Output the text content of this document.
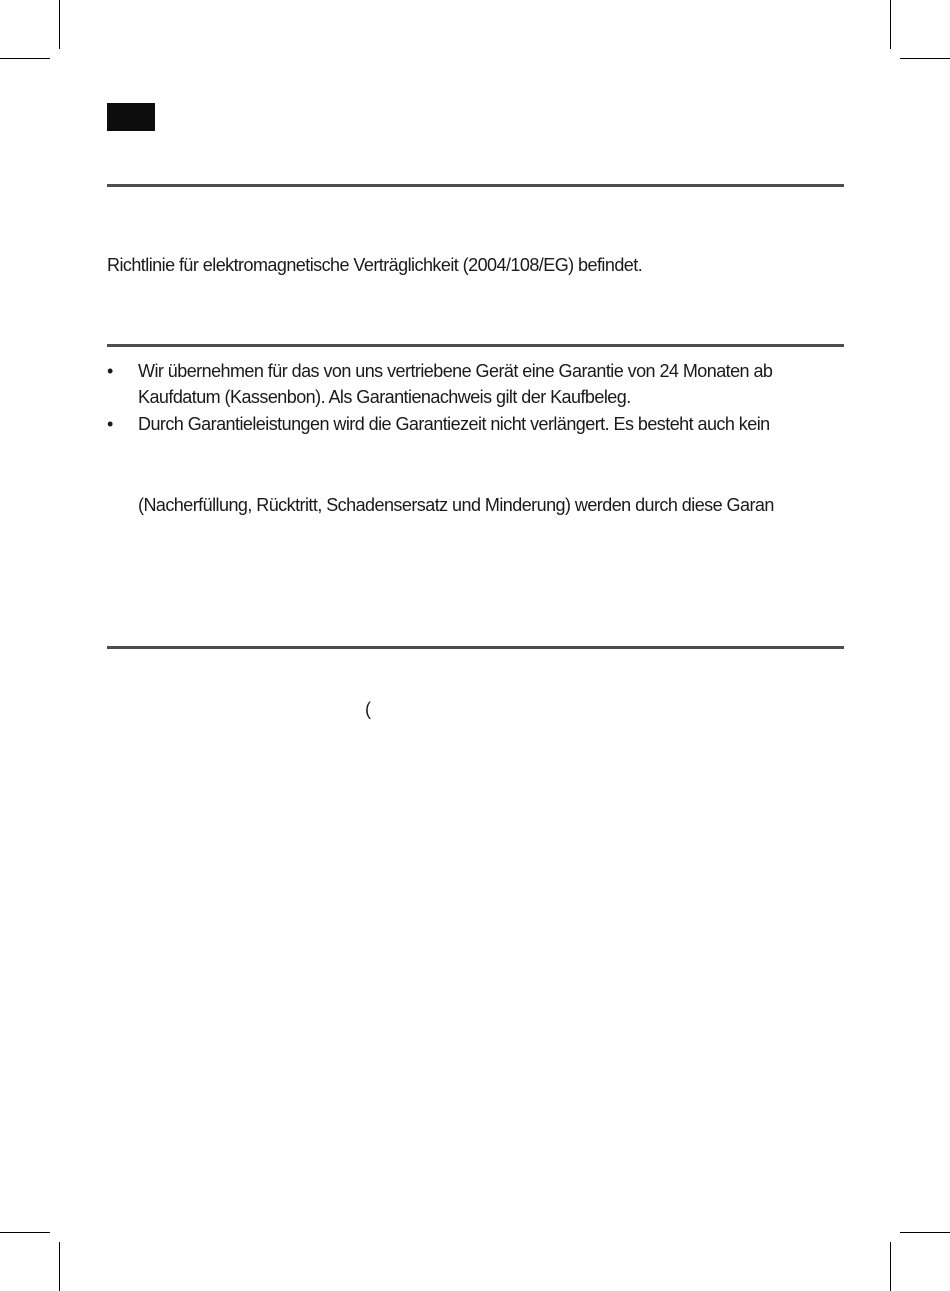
Richtlinie für elektromagnetische Verträglichkeit (2004/108/EG) befindet.
• Wir übernehmen für das von uns vertriebene Gerät eine Garantie von 24 Monaten ab
Kaufdatum (Kassenbon). Als Garantienachweis gilt der Kaufbeleg.
• Durch Garantieleistungen wird die Garantiezeit nicht verlängert. Es besteht auch kein
(Nacherfüllung, Rücktritt, Schadensersatz und Minderung) werden durch diese Garan
(
